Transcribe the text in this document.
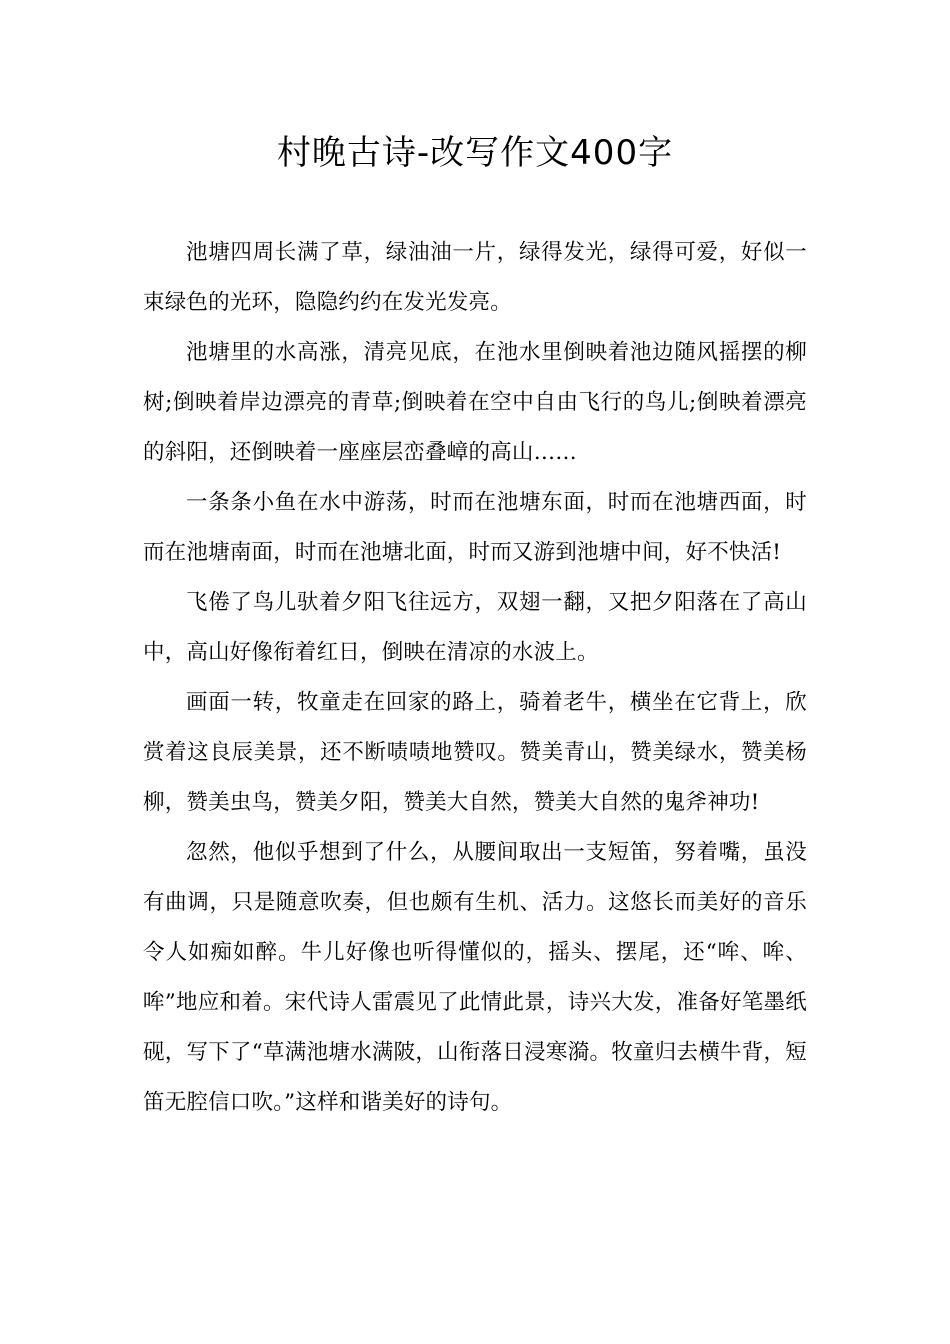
村晚古诗-改写作文400字

池塘四周长满了草，绿油油一片，绿得发光，绿得可爱，好似一束绿色的光环，隐隐约约在发光发亮。

池塘里的水高涨，清亮见底，在池水里倒映着池边随风摇摆的柳树;倒映着岸边漂亮的青草;倒映着在空中自由飞行的鸟儿;倒映着漂亮的斜阳，还倒映着一座座层峦叠嶂的高山……

一条条小鱼在水中游荡，时而在池塘东面，时而在池塘西面，时而在池塘南面，时而在池塘北面，时而又游到池塘中间，好不快活!

飞倦了鸟儿驮着夕阳飞往远方，双翅一翻，又把夕阳落在了高山中，高山好像衔着红日，倒映在清凉的水波上。

画面一转，牧童走在回家的路上，骑着老牛，横坐在它背上，欣赏着这良辰美景，还不断啧啧地赞叹。赞美青山，赞美绿水，赞美杨柳，赞美虫鸟，赞美夕阳，赞美大自然，赞美大自然的鬼斧神功!

忽然，他似乎想到了什么，从腰间取出一支短笛，努着嘴，虽没有曲调，只是随意吹奏，但也颇有生机、活力。这悠长而美好的音乐令人如痴如醉。牛儿好像也听得懂似的，摇头、摆尾，还“哞、哞、哞”地应和着。宋代诗人雷震见了此情此景，诗兴大发，准备好笔墨纸砚，写下了“草满池塘水满陂，山衔落日浸寒漪。牧童归去横牛背，短笛无腔信口吹。”这样和谐美好的诗句。
